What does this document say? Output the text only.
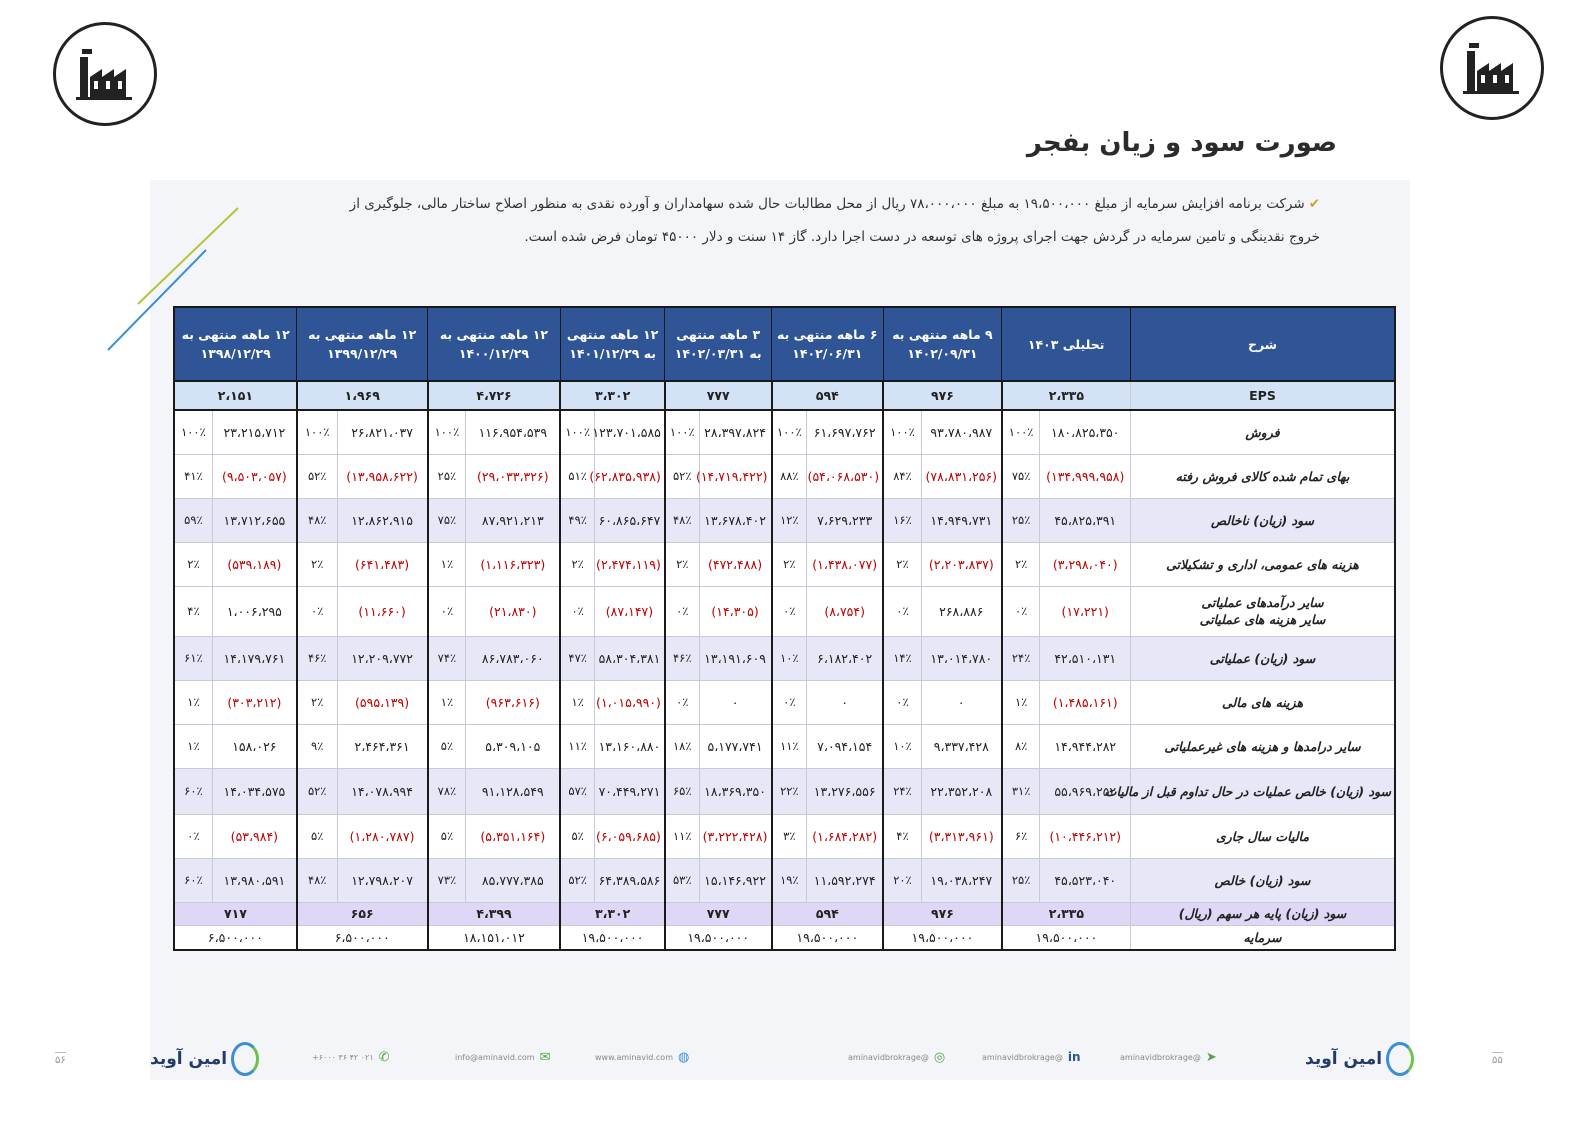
صورت سود و زیان بفجر
✔شرکت برنامه افزایش سرمایه از مبلغ ۱۹،۵۰۰،۰۰۰ به مبلغ ۷۸،۰۰۰،۰۰۰ ریال از محل مطالبات حال شده سهامداران و آورده نقدی به منظور اصلاح ساختار مالی، جلوگیری از
خروج نقدینگی و تامین سرمایه در گردش جهت اجرای پروژه های توسعه در دست اجرا دارد. گاز ۱۴ سنت و دلار ۴۵۰۰۰ تومان فرض شده است.
شرح	تحلیلی ۱۴۰۳		۹ ماهه منتهی به ۱۴۰۲/۰۹/۳۱		۶ ماهه منتهی به ۱۴۰۲/۰۶/۳۱		۳ ماهه منتهی به ۱۴۰۲/۰۳/۳۱		۱۲ ماهه منتهی به ۱۴۰۱/۱۲/۲۹		۱۲ ماهه منتهی به ۱۴۰۰/۱۲/۲۹		۱۲ ماهه منتهی به ۱۳۹۹/۱۲/۲۹		۱۲ ماهه منتهی به ۱۳۹۸/۱۲/۲۹	
EPS	۲،۳۳۵		۹۷۶		۵۹۴		۷۷۷		۳،۳۰۲		۴،۷۲۶		۱،۹۶۹		۲،۱۵۱	
فروش	۱۸۰،۸۲۵،۳۵۰	۱۰۰٪	۹۳،۷۸۰،۹۸۷	۱۰۰٪	۶۱،۶۹۷،۷۶۲	۱۰۰٪	۲۸،۳۹۷،۸۲۴	۱۰۰٪	۱۲۳،۷۰۱،۵۸۵	۱۰۰٪	۱۱۶،۹۵۴،۵۳۹	۱۰۰٪	۲۶،۸۲۱،۰۳۷	۱۰۰٪	۲۳،۲۱۵،۷۱۲	۱۰۰٪
بهای تمام شده کالای فروش رفته	(۱۳۴،۹۹۹،۹۵۸)	۷۵٪	(۷۸،۸۳۱،۲۵۶)	۸۴٪	(۵۴،۰۶۸،۵۳۰)	۸۸٪	(۱۴،۷۱۹،۴۲۲)	۵۲٪	(۶۲،۸۳۵،۹۳۸)	۵۱٪	(۲۹،۰۳۳،۳۲۶)	۲۵٪	(۱۳،۹۵۸،۶۲۲)	۵۲٪	(۹،۵۰۳،۰۵۷)	۴۱٪
سود (زیان) ناخالص	۴۵،۸۲۵،۳۹۱	۲۵٪	۱۴،۹۴۹،۷۳۱	۱۶٪	۷،۶۲۹،۲۳۳	۱۲٪	۱۳،۶۷۸،۴۰۲	۴۸٪	۶۰،۸۶۵،۶۴۷	۴۹٪	۸۷،۹۲۱،۲۱۳	۷۵٪	۱۲،۸۶۲،۹۱۵	۴۸٪	۱۳،۷۱۲،۶۵۵	۵۹٪
هزینه های عمومی، اداری و تشکیلاتی	(۳،۲۹۸،۰۴۰)	۲٪	(۲،۲۰۳،۸۳۷)	۲٪	(۱،۴۳۸،۰۷۷)	۲٪	(۴۷۲،۴۸۸)	۲٪	(۲،۴۷۴،۱۱۹)	۲٪	(۱،۱۱۶،۳۲۳)	۱٪	(۶۴۱،۴۸۳)	۲٪	(۵۳۹،۱۸۹)	۲٪
سایر درآمدهای عملیاتی
سایر هزینه های عملیاتی	(۱۷،۲۲۱)	۰٪	۲۶۸،۸۸۶	۰٪	(۸،۷۵۴)	۰٪	(۱۴،۳۰۵)	۰٪	(۸۷،۱۴۷)	۰٪	(۲۱،۸۳۰)	۰٪	(۱۱،۶۶۰)	۰٪	۱،۰۰۶،۲۹۵	۴٪
سود (زیان) عملیاتی	۴۲،۵۱۰،۱۳۱	۲۴٪	۱۳،۰۱۴،۷۸۰	۱۴٪	۶،۱۸۲،۴۰۲	۱۰٪	۱۳،۱۹۱،۶۰۹	۴۶٪	۵۸،۳۰۴،۳۸۱	۴۷٪	۸۶،۷۸۳،۰۶۰	۷۴٪	۱۲،۲۰۹،۷۷۲	۴۶٪	۱۴،۱۷۹،۷۶۱	۶۱٪
هزینه های مالی	(۱،۴۸۵،۱۶۱)	۱٪	۰	۰٪	۰	۰٪	۰	۰٪	(۱،۰۱۵،۹۹۰)	۱٪	(۹۶۳،۶۱۶)	۱٪	(۵۹۵،۱۳۹)	۲٪	(۳۰۳،۲۱۲)	۱٪
سایر درامدها و هزینه های غیرعملیاتی	۱۴،۹۴۴،۲۸۲	۸٪	۹،۳۳۷،۴۲۸	۱۰٪	۷،۰۹۴،۱۵۴	۱۱٪	۵،۱۷۷،۷۴۱	۱۸٪	۱۳،۱۶۰،۸۸۰	۱۱٪	۵،۳۰۹،۱۰۵	۵٪	۲،۴۶۴،۳۶۱	۹٪	۱۵۸،۰۲۶	۱٪
سود (زیان) خالص عملیات در حال تداوم قبل از مالیات	۵۵،۹۶۹،۲۵۲	۳۱٪	۲۲،۳۵۲،۲۰۸	۲۴٪	۱۳،۲۷۶،۵۵۶	۲۲٪	۱۸،۳۶۹،۳۵۰	۶۵٪	۷۰،۴۴۹،۲۷۱	۵۷٪	۹۱،۱۲۸،۵۴۹	۷۸٪	۱۴،۰۷۸،۹۹۴	۵۲٪	۱۴،۰۳۴،۵۷۵	۶۰٪
مالیات سال جاری	(۱۰،۴۴۶،۲۱۲)	۶٪	(۳،۳۱۳،۹۶۱)	۴٪	(۱،۶۸۴،۲۸۲)	۳٪	(۳،۲۲۲،۴۲۸)	۱۱٪	(۶،۰۵۹،۶۸۵)	۵٪	(۵،۳۵۱،۱۶۴)	۵٪	(۱،۲۸۰،۷۸۷)	۵٪	(۵۳،۹۸۴)	۰٪
سود (زیان) خالص	۴۵،۵۲۳،۰۴۰	۲۵٪	۱۹،۰۳۸،۲۴۷	۲۰٪	۱۱،۵۹۲،۲۷۴	۱۹٪	۱۵،۱۴۶،۹۲۲	۵۳٪	۶۴،۳۸۹،۵۸۶	۵۲٪	۸۵،۷۷۷،۳۸۵	۷۳٪	۱۲،۷۹۸،۲۰۷	۴۸٪	۱۳،۹۸۰،۵۹۱	۶۰٪
سود (زیان) پایه هر سهم (ریال)	۲،۳۳۵		۹۷۶		۵۹۴		۷۷۷		۳،۳۰۲		۴،۳۹۹		۶۵۶		۷۱۷	
سرمایه	۱۹،۵۰۰،۰۰۰		۱۹،۵۰۰،۰۰۰		۱۹،۵۰۰،۰۰۰		۱۹،۵۰۰،۰۰۰		۱۹،۵۰۰،۰۰۰		۱۸،۱۵۱،۰۱۲		۶،۵۰۰،۰۰۰		۶،۵۰۰،۰۰۰	
۵۶	امین آوید	✆
۰۲۱ ۴۲ ۳۶ ۶۰۰۰+	✉
info@aminavid.com	◍
www.aminavid.com	◎
@aminavidbrokrage	in
@aminavidbrokrage	➤
@aminavidbrokrage	امین آوید	۵۵
